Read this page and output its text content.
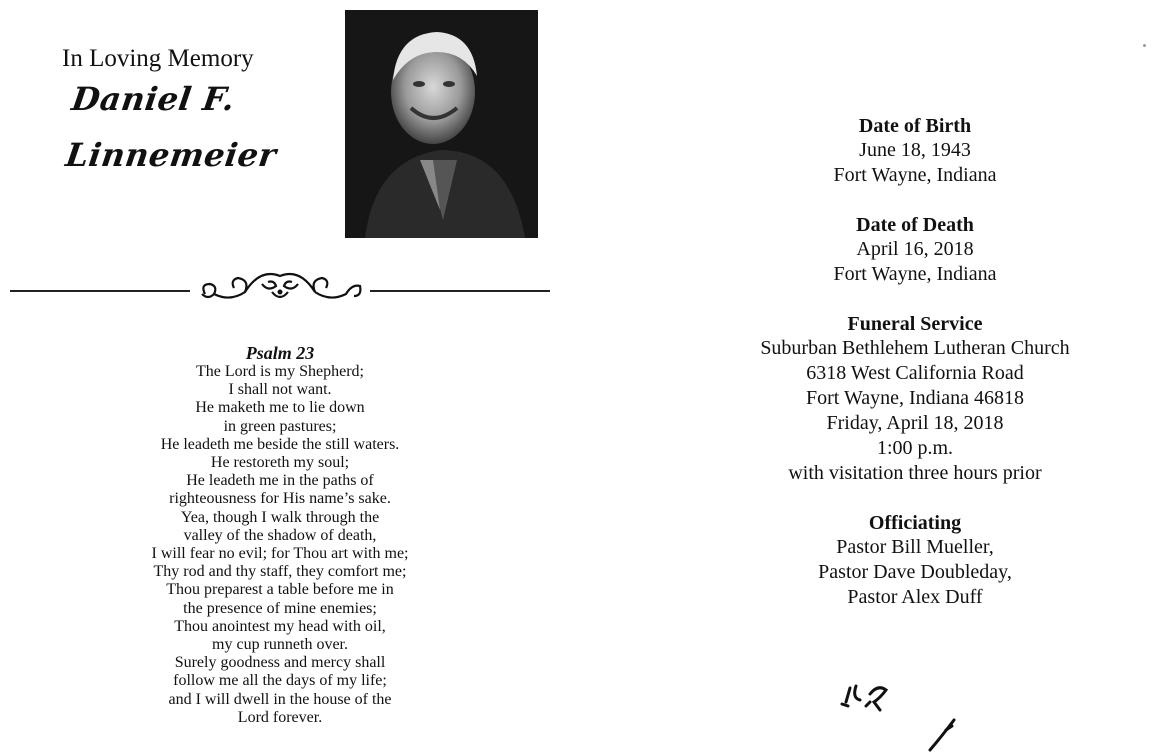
In Loving Memory
Daniel F.
Linnemeier
Psalm 23
The Lord is my Shepherd;
I shall not want.
He maketh me to lie down
in green pastures;
He leadeth me beside the still waters.
He restoreth my soul;
He leadeth me in the paths of
righteousness for His name’s sake.
Yea, though I walk through the
valley of the shadow of death,
I will fear no evil; for Thou art with me;
Thy rod and thy staff, they comfort me;
Thou preparest a table before me in
the presence of mine enemies;
Thou anointest my head with oil,
my cup runneth over.
Surely goodness and mercy shall
follow me all the days of my life;
and I will dwell in the house of the
Lord forever.
Date of Birth
June 18, 1943
Fort Wayne, Indiana
Date of Death
April 16, 2018
Fort Wayne, Indiana
Funeral Service
Suburban Bethlehem Lutheran Church
6318 West California Road
Fort Wayne, Indiana 46818
Friday, April 18, 2018
1:00 p.m.
with visitation three hours prior
Officiating
Pastor Bill Mueller,
Pastor Dave Doubleday,
Pastor Alex Duff
